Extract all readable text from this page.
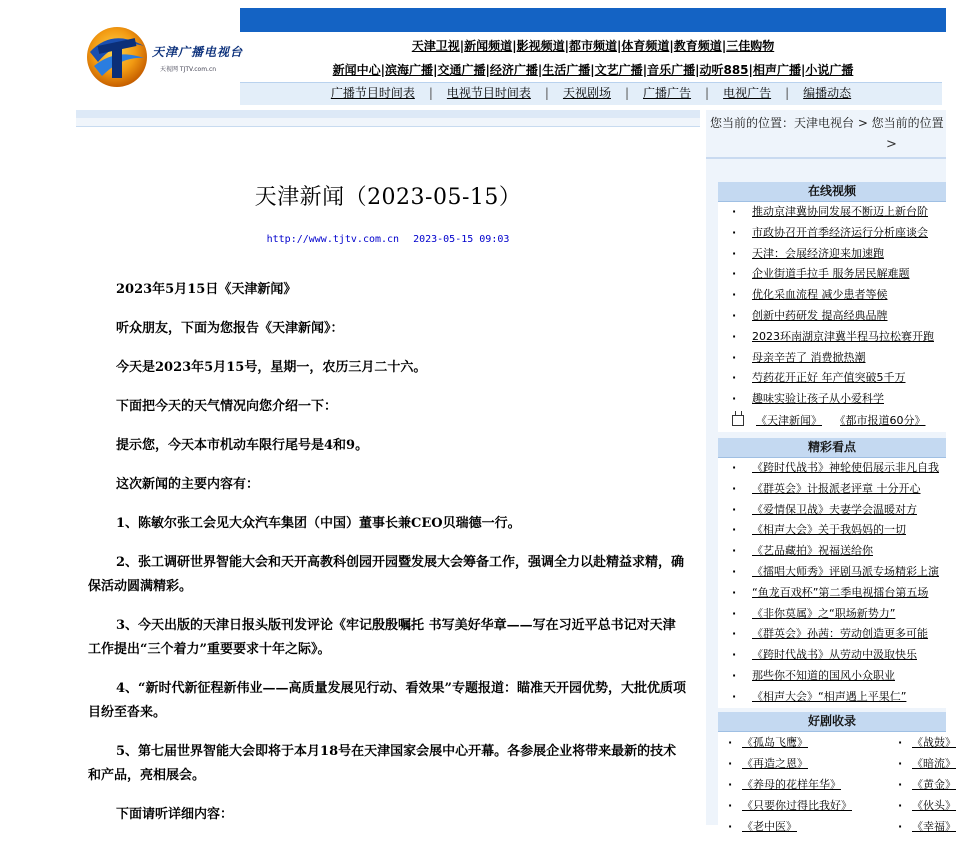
天津广播电视台
天视网 TJTV.com.cn
天津卫视|新闻频道|影视频道|都市频道|体育频道|教育频道|三佳购物
新闻中心|滨海广播|交通广播|经济广播|生活广播|文艺广播|音乐广播|动听885|相声广播|小说广播
广播节目时间表 | 电视节目时间表 | 天视剧场 | 广播广告 | 电视广告 | 编播动态
天津新闻（2023-05-15）
http://www.tjtv.com.cn 2023-05-15 09:03

2023年5月15日《天津新闻》

听众朋友，下面为您报告《天津新闻》：

今天是2023年5月15号，星期一，农历三月二十六。

下面把今天的天气情况向您介绍一下：

提示您，今天本市机动车限行尾号是4和9。

这次新闻的主要内容有：

1、陈敏尔张工会见大众汽车集团（中国）董事长兼CEO贝瑞德一行。

2、张工调研世界智能大会和天开高教科创园开园暨发展大会筹备工作，强调全力以赴精益求精，确保活动圆满精彩。

3、今天出版的天津日报头版刊发评论《牢记殷殷嘱托 书写美好华章——写在习近平总书记对天津工作提出“三个着力”重要要求十年之际》。

4、“新时代新征程新伟业——高质量发展见行动、看效果”专题报道：瞄准天开园优势，大批优质项目纷至沓来。

5、第七届世界智能大会即将于本月18号在天津国家会展中心开幕。各参展企业将带来最新的技术和产品，亮相展会。

下面请听详细内容：

您当前的位置：天津电视台 > 您当前的位置
>
在线视频
· 推动京津冀协同发展不断迈上新台阶
· 市政协召开首季经济运行分析座谈会
· 天津：会展经济迎来加速跑
· 企业街道手拉手 服务居民解难题
· 优化采血流程 减少患者等候
· 创新中药研发 提高经典品牌
· 2023环南湖京津冀半程马拉松赛开跑
· 母亲辛苦了 消费掀热潮
· 芍药花开正好 年产值突破5千万
· 趣味实验让孩子从小爱科学
《天津新闻》 《都市报道60分》
精彩看点
· 《跨时代战书》神轮使侣展示非凡自我
· 《群英会》计报派老评章 十分开心
· 《爱情保卫战》夫妻学会温暖对方
· 《相声大会》关于我妈妈的一切
· 《艺品藏拍》祝福送给你
· 《擂唱大师秀》评剧马派专场精彩上演
· “鱼龙百戏杯”第二季电视擂台第五场
· 《非你莫属》之“职场新势力”
· 《群英会》孙茜：劳动创造更多可能
· 《跨时代战书》从劳动中汲取快乐
· 那些你不知道的国风小众职业
· 《相声大会》“相声遇上平果仁”
好剧收录
· 《孤岛飞鹰》	· 《战鼓》
· 《再造之恩》	· 《暗流》
· 《养母的花样年华》	· 《黄金》
· 《只要你过得比我好》	· 《伙头》
· 《老中医》	· 《幸福》
